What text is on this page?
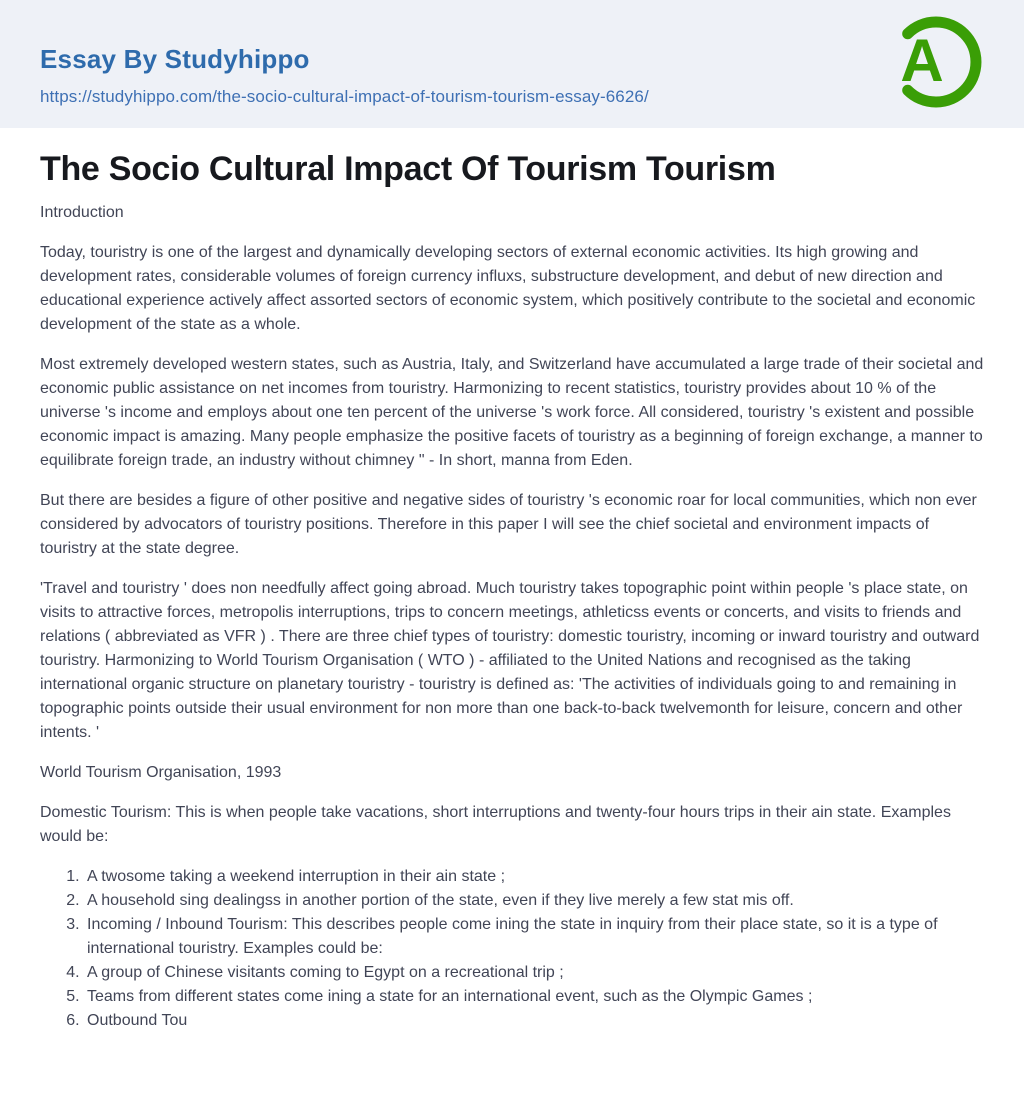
Essay By Studyhippo
https://studyhippo.com/the-socio-cultural-impact-of-tourism-tourism-essay-6626/
A
The Socio Cultural Impact Of Tourism Tourism

Introduction

Today, touristry is one of the largest and dynamically developing sectors of external economic activities. Its high growing and development rates, considerable volumes of foreign currency influxs, substructure development, and debut of new direction and educational experience actively affect assorted sectors of economic system, which positively contribute to the societal and economic development of the state as a whole.

Most extremely developed western states, such as Austria, Italy, and Switzerland have accumulated a large trade of their societal and economic public assistance on net incomes from touristry. Harmonizing to recent statistics, touristry provides about 10 % of the universe 's income and employs about one ten percent of the universe 's work force. All considered, touristry 's existent and possible economic impact is amazing. Many people emphasize the positive facets of touristry as a beginning of foreign exchange, a manner to equilibrate foreign trade, an industry without chimney " - In short, manna from Eden.

But there are besides a figure of other positive and negative sides of touristry 's economic roar for local communities, which non ever considered by advocators of touristry positions. Therefore in this paper I will see the chief societal and environment impacts of touristry at the state degree.

'Travel and touristry ' does non needfully affect going abroad. Much touristry takes topographic point within people 's place state, on visits to attractive forces, metropolis interruptions, trips to concern meetings, athleticss events or concerts, and visits to friends and relations ( abbreviated as VFR ) . There are three chief types of touristry: domestic touristry, incoming or inward touristry and outward touristry. Harmonizing to World Tourism Organisation ( WTO ) - affiliated to the United Nations and recognised as the taking international organic structure on planetary touristry - touristry is defined as: 'The activities of individuals going to and remaining in topographic points outside their usual environment for non more than one back-to-back twelvemonth for leisure, concern and other intents. '

World Tourism Organisation, 1993

Domestic Tourism: This is when people take vacations, short interruptions and twenty-four hours trips in their ain state. Examples would be:

1. A twosome taking a weekend interruption in their ain state ;
2. A household sing dealingss in another portion of the state, even if they live merely a few stat mis off.
3. Incoming / Inbound Tourism: This describes people come ining the state in inquiry from their place state, so it is a type of international touristry. Examples could be:
4. A group of Chinese visitants coming to Egypt on a recreational trip ;
5. Teams from different states come ining a state for an international event, such as the Olympic Games ;
6. Outbound Tou
